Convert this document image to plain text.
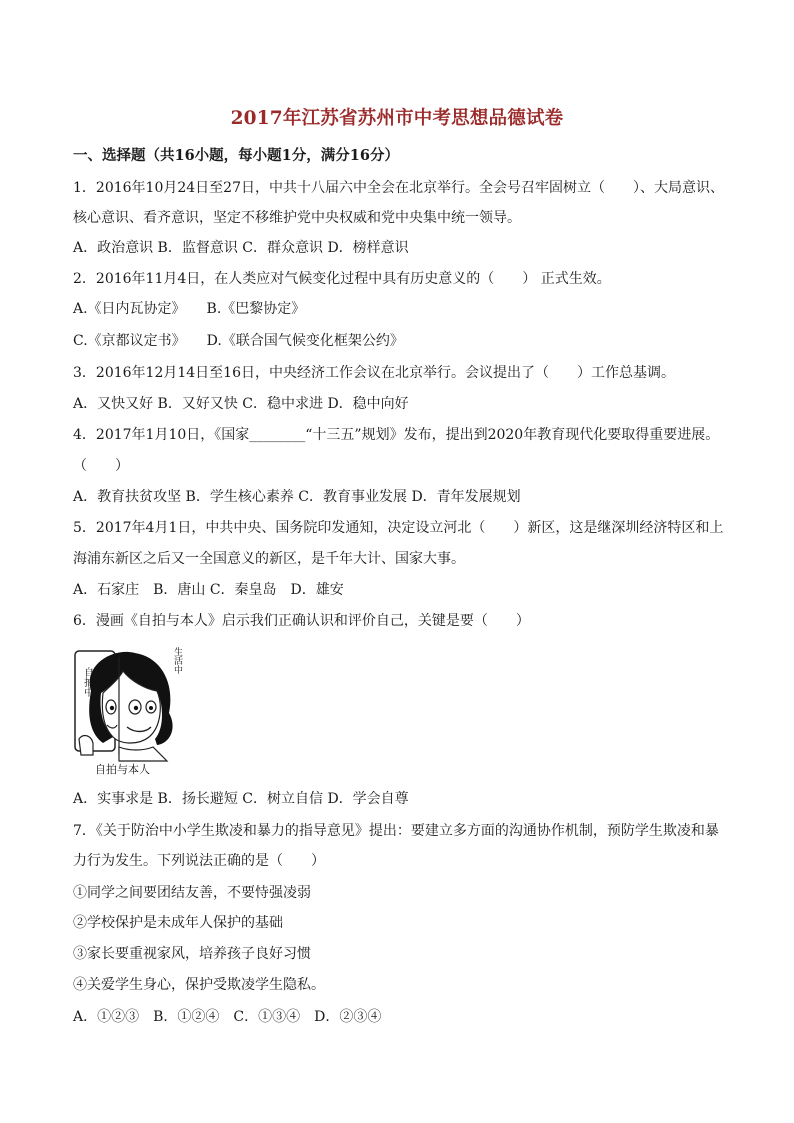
2017年江苏省苏州市中考思想品德试卷
一、选择题（共16小题，每小题1分，满分16分）
1．2016年10月24日至27日，中共十八届六中全会在北京举行。全会号召牢固树立（　　）、大局意识、
核心意识、看齐意识，坚定不移维护党中央权威和党中央集中统一领导。
A．政治意识 B．监督意识 C．群众意识 D．榜样意识
2．2016年11月4日，在人类应对气候变化过程中具有历史意义的（　　） 正式生效。
A.《日内瓦协定》　　B.《巴黎协定》
C.《京都议定书》　　D.《联合国气候变化框架公约》
3．2016年12月14日至16日，中央经济工作会议在北京举行。会议提出了（　　）工作总基调。
A．又快又好 B．又好又快 C．稳中求进 D．稳中向好
4．2017年1月10日，《国家________“十三五”规划》发布，提出到2020年教育现代化要取得重要进展。
（　　）
A．教育扶贫攻坚 B．学生核心素养 C．教育事业发展 D．青年发展规划
5．2017年4月1日，中共中央、国务院印发通知，决定设立河北（　　）新区，这是继深圳经济特区和上
海浦东新区之后又一全国意义的新区，是千年大计、国家大事。
A．石家庄　B．唐山 C．秦皇岛　D．雄安
6．漫画《自拍与本人》启示我们正确认识和评价自己，关键是要（　　）
自拍中
生活中
自拍与本人
A．实事求是 B．扬长避短 C．树立自信 D．学会自尊
7．《关于防治中小学生欺凌和暴力的指导意见》提出：要建立多方面的沟通协作机制，预防学生欺凌和暴
力行为发生。下列说法正确的是（　　）
①同学之间要团结友善，不要恃强凌弱
②学校保护是未成年人保护的基础
③家长要重视家风，培养孩子良好习惯
④关爱学生身心，保护受欺凌学生隐私。
A．①②③　B．①②④　C．①③④　D．②③④
